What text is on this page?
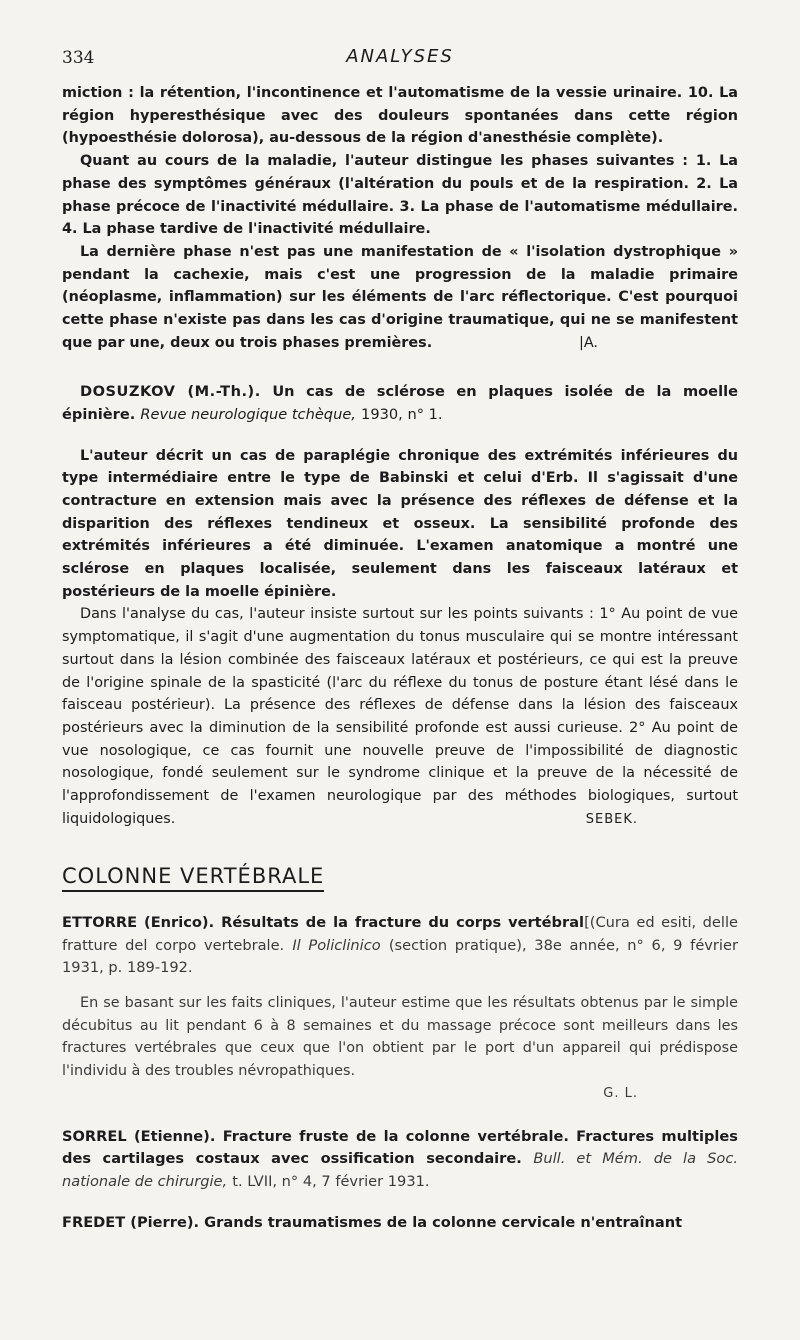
334	ANALYSES

miction : la rétention, l'incontinence et l'automatisme de la vessie urinaire. 10. La région hyperesthésique avec des douleurs spontanées dans cette région (hypoesthésie dolorosa), au-dessous de la région d'anesthésie complète).

Quant au cours de la maladie, l'auteur distingue les phases suivantes : 1. La phase des symptômes généraux (l'altération du pouls et de la respiration. 2. La phase précoce de l'inactivité médullaire. 3. La phase de l'automatisme médullaire. 4. La phase tardive de l'inactivité médullaire.

La dernière phase n'est pas une manifestation de « l'isolation dystrophique » pendant la cachexie, mais c'est une progression de la maladie primaire (néoplasme, inflammation) sur les éléments de l'arc réflectorique. C'est pourquoi cette phase n'existe pas dans les cas d'origine traumatique, qui ne se manifestent que par une, deux ou trois phases premières.	|A.

DOSUZKOV (M.-Th.). Un cas de sclérose en plaques isolée de la moelle épinière. Revue neurologique tchèque, 1930, n° 1.

L'auteur décrit un cas de paraplégie chronique des extrémités inférieures du type intermédiaire entre le type de Babinski et celui d'Erb. Il s'agissait d'une contracture en extension mais avec la présence des réflexes de défense et la disparition des réflexes tendineux et osseux. La sensibilité profonde des extrémités inférieures a été diminuée. L'examen anatomique a montré une sclérose en plaques localisée, seulement dans les faisceaux latéraux et postérieurs de la moelle épinière.

Dans l'analyse du cas, l'auteur insiste surtout sur les points suivants : 1° Au point de vue symptomatique, il s'agit d'une augmentation du tonus musculaire qui se montre intéressant surtout dans la lésion combinée des faisceaux latéraux et postérieurs, ce qui est la preuve de l'origine spinale de la spasticité (l'arc du réflexe du tonus de posture étant lésé dans le faisceau postérieur). La présence des réflexes de défense dans la lésion des faisceaux postérieurs avec la diminution de la sensibilité profonde est aussi curieuse. 2° Au point de vue nosologique, ce cas fournit une nouvelle preuve de l'impossibilité de diagnostic nosologique, fondé seulement sur le syndrome clinique et la preuve de la nécessité de l'approfondissement de l'examen neurologique par des méthodes biologiques, surtout liquidologiques.	SEBEK.

COLONNE VERTÉBRALE

ETTORRE (Enrico). Résultats de la fracture du corps vertébral[(Cura ed esiti, delle fratture del corpo vertebrale. Il Policlinico (section pratique), 38e année, n° 6, 9 février 1931, p. 189-192.

En se basant sur les faits cliniques, l'auteur estime que les résultats obtenus par le simple décubitus au lit pendant 6 à 8 semaines et du massage précoce sont meilleurs dans les fractures vertébrales que ceux que l'on obtient par le port d'un appareil qui prédispose l'individu à des troubles névropathiques.

G. L.

SORREL (Etienne). Fracture fruste de la colonne vertébrale. Fractures multiples des cartilages costaux avec ossification secondaire. Bull. et Mém. de la Soc. nationale de chirurgie, t. LVII, n° 4, 7 février 1931.

FREDET (Pierre). Grands traumatismes de la colonne cervicale n'entraînant
